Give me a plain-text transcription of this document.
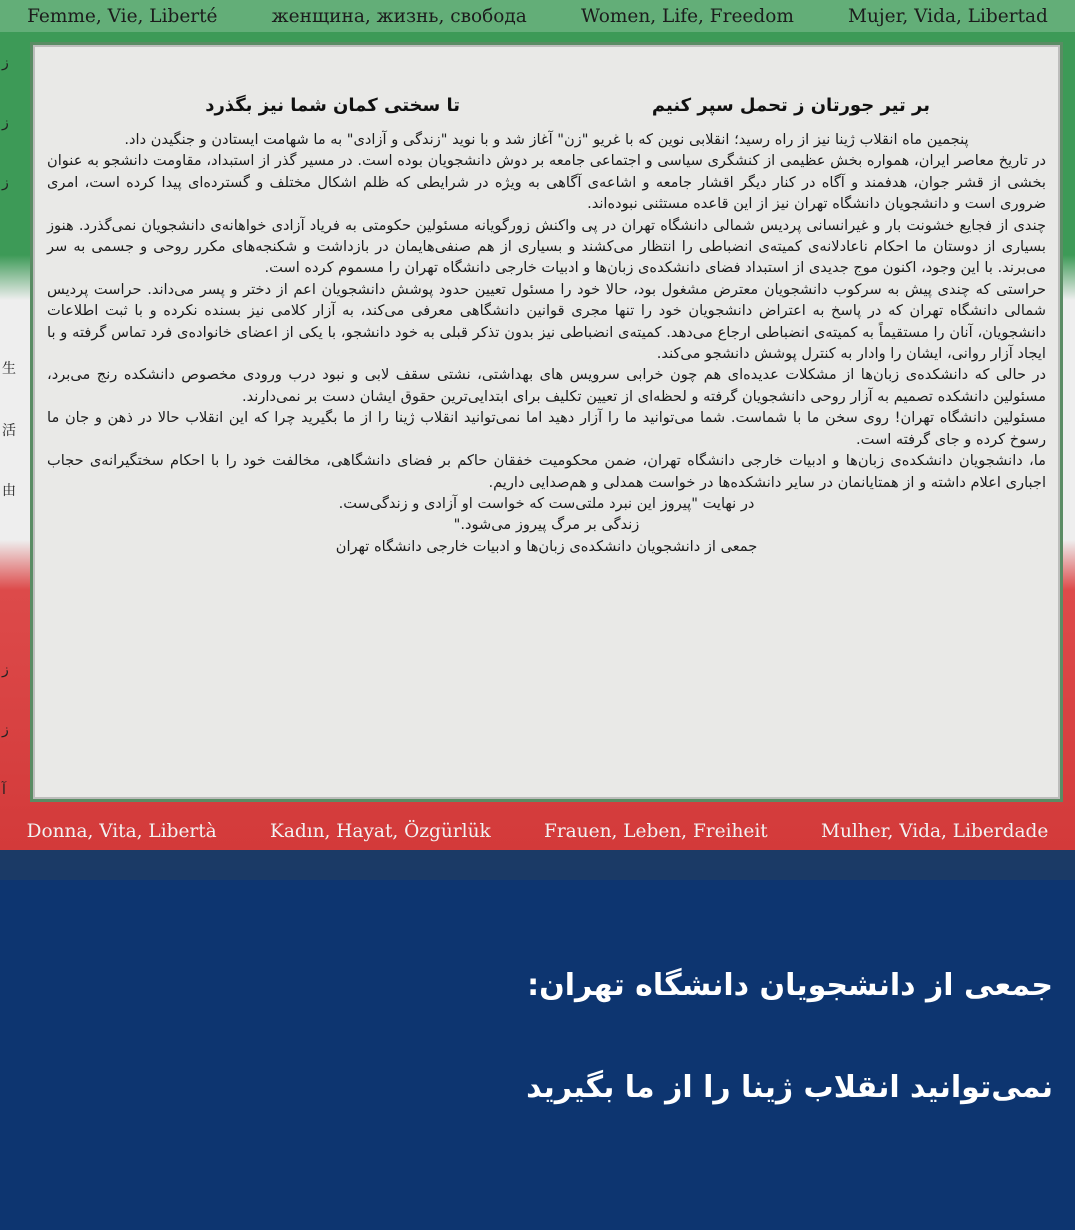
Femme, Vie, Liberté	женщина, жизнь, свобода	Women, Life, Freedom	Mujer, Vida, Libertad
ز
ز
ز
生
活
由
ز
ز
آ
بر تیر جورتان ز تحمل سپر کنیم
تا سختی کمان شما نیز بگذرد

پنجمین ماه انقلاب ژینا نیز از راه رسید؛ انقلابی نوین که با غریو "زن" آغاز شد و با نوید "زندگی و آزادی" به ما شهامت ایستادن و جنگیدن داد.

در تاریخ معاصر ایران، همواره بخش عظیمی از کنشگری سیاسی و اجتماعی جامعه بر دوش دانشجویان بوده است. در مسیر گذر از استبداد، مقاومت دانشجو به عنوان بخشی از قشر جوان، هدفمند و آگاه در کنار دیگر اقشار جامعه و اشاعه‌ی آگاهی به ویژه در شرایطی که ظلم اشکال مختلف و گسترده‌ای پیدا کرده است، امری ضروری است و دانشجویان دانشگاه تهران نیز از این قاعده مستثنی نبوده‌اند.

چندی از فجایع خشونت بار و غیرانسانی پردیس شمالی دانشگاه تهران در پی واکنش زورگویانه مسئولین حکومتی به فریاد آزادی خواهانه‌ی دانشجویان نمی‌گذرد. هنوز بسیاری از دوستان ما احکام ناعادلانه‌ی کمیته‌ی انضباطی را انتظار می‌کشند و بسیاری از هم صنفی‌هایمان در بازداشت و شکنجه‌های مکرر روحی و جسمی به سر می‌برند. با این وجود، اکنون موج جدیدی از استبداد فضای دانشکده‌ی زبان‌ها و ادبیات خارجی دانشگاه تهران را مسموم کرده است.

حراستی که چندی پیش به سرکوب دانشجویان معترض مشغول بود، حالا خود را مسئول تعیین حدود پوشش دانشجویان اعم از دختر و پسر می‌داند. حراست پردیس شمالی دانشگاه تهران که در پاسخ به اعتراض دانشجویان خود را تنها مجری قوانین دانشگاهی معرفی می‌کند، به آزار کلامی نیز بسنده نکرده و با ثبت اطلاعات دانشجویان، آنان را مستقیماً به کمیته‌ی انضباطی ارجاع می‌دهد. کمیته‌ی انضباطی نیز بدون تذکر قبلی به خود دانشجو، با یکی از اعضای خانواده‌ی فرد تماس گرفته و با ایجاد آزار روانی، ایشان را وادار به کنترل پوشش دانشجو می‌کند.

در حالی که دانشکده‌ی زبان‌ها از مشکلات عدیده‌ای هم چون خرابی سرویس های بهداشتی، نشتی سقف لابی و نبود درب ورودی مخصوص دانشکده رنج می‌برد، مسئولین دانشکده تصمیم به آزار روحی دانشجویان گرفته و لحظه‌ای از تعیین تکلیف برای ابتدایی‌ترین حقوق ایشان دست بر نمی‌دارند.

مسئولین دانشگاه تهران! روی سخن ما با شماست. شما می‌توانید ما را آزار دهید اما نمی‌توانید انقلاب ژینا را از ما بگیرید چرا که این انقلاب حالا در ذهن و جان ما رسوخ کرده و جای گرفته است.

ما، دانشجویان دانشکده‌ی زبان‌ها و ادبیات خارجی دانشگاه تهران، ضمن محکومیت خفقان حاکم بر فضای دانشگاهی، مخالفت خود را با احکام سختگیرانه‌ی حجاب اجباری اعلام داشته و از همتایانمان در سایر دانشکده‌ها در خواست همدلی و هم‌صدایی داریم.

در نهایت "پیروز این نبرد ملتی‌ست که خواست او آزادی و زندگی‌ست.

زندگی بر مرگ پیروز می‌شود."

جمعی از دانشجویان دانشکده‌ی زبان‌ها و ادبیات خارجی دانشگاه تهران

Donna, Vita, Libertà	Kadın, Hayat, Özgürlük	Frauen, Leben, Freiheit	Mulher, Vida, Liberdade
جمعی از دانشجویان دانشگاه تهران:
نمی‌توانید انقلاب ژینا را از ما بگیرید
